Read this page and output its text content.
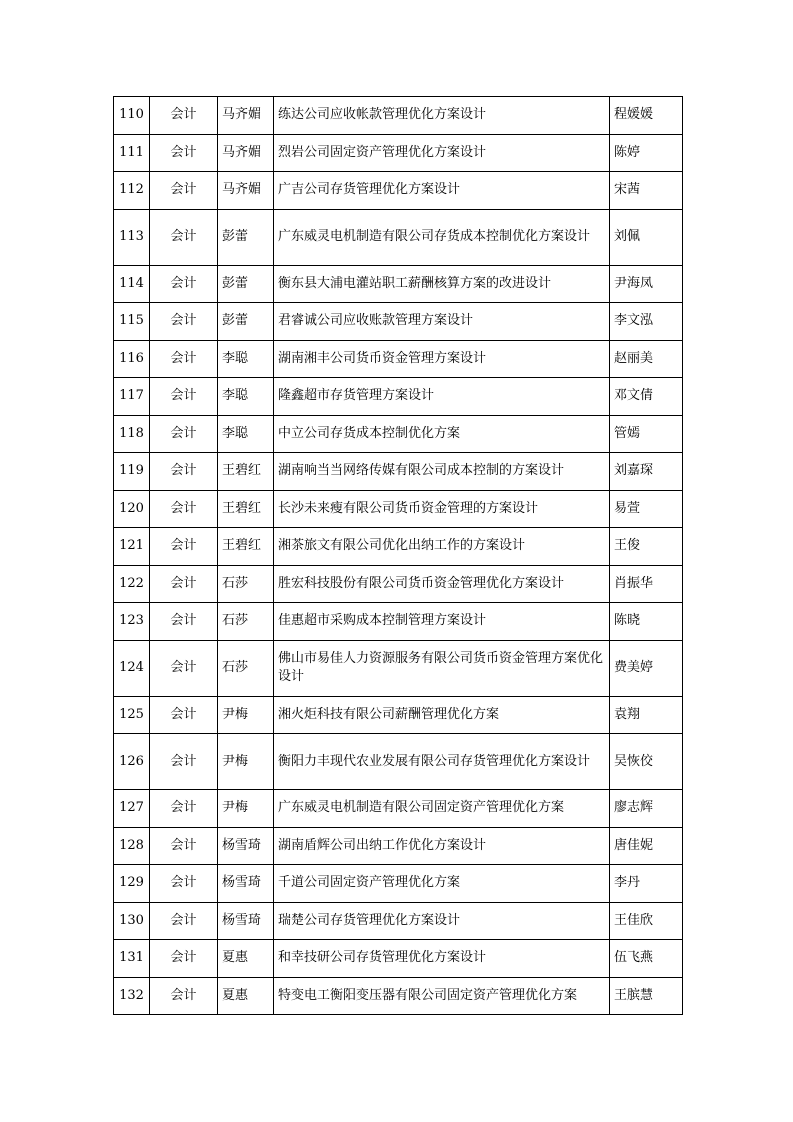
110	会计	马齐媚	练达公司应收帐款管理优化方案设计	程媛媛
111	会计	马齐媚	烈岩公司固定资产管理优化方案设计	陈婷
112	会计	马齐媚	广吉公司存货管理优化方案设计	宋茜
113	会计	彭蕾	广东威灵电机制造有限公司存货成本控制优化方案设计	刘佩
114	会计	彭蕾	衡东县大浦电灌站职工薪酬核算方案的改进设计	尹海凤
115	会计	彭蕾	君睿诚公司应收账款管理方案设计	李文泓
116	会计	李聪	湖南湘丰公司货币资金管理方案设计	赵丽美
117	会计	李聪	隆鑫超市存货管理方案设计	邓文倩
118	会计	李聪	中立公司存货成本控制优化方案	管嫣
119	会计	王碧红	湖南响当当网络传媒有限公司成本控制的方案设计	刘嘉琛
120	会计	王碧红	长沙未来瘦有限公司货币资金管理的方案设计	易萱
121	会计	王碧红	湘茶旅文有限公司优化出纳工作的方案设计	王俊
122	会计	石莎	胜宏科技股份有限公司货币资金管理优化方案设计	肖振华
123	会计	石莎	佳惠超市采购成本控制管理方案设计	陈晓
124	会计	石莎	佛山市易佳人力资源服务有限公司货币资金管理方案优化设计	费美婷
125	会计	尹梅	湘火炬科技有限公司薪酬管理优化方案	袁翔
126	会计	尹梅	衡阳力丰现代农业发展有限公司存货管理优化方案设计	吴恢佼
127	会计	尹梅	广东威灵电机制造有限公司固定资产管理优化方案	廖志辉
128	会计	杨雪琦	湖南盾辉公司出纳工作优化方案设计	唐佳妮
129	会计	杨雪琦	千道公司固定资产管理优化方案	李丹
130	会计	杨雪琦	瑞楚公司存货管理优化方案设计	王佳欣
131	会计	夏惠	和幸技研公司存货管理优化方案设计	伍飞燕
132	会计	夏惠	特变电工衡阳变压器有限公司固定资产管理优化方案	王膑慧
